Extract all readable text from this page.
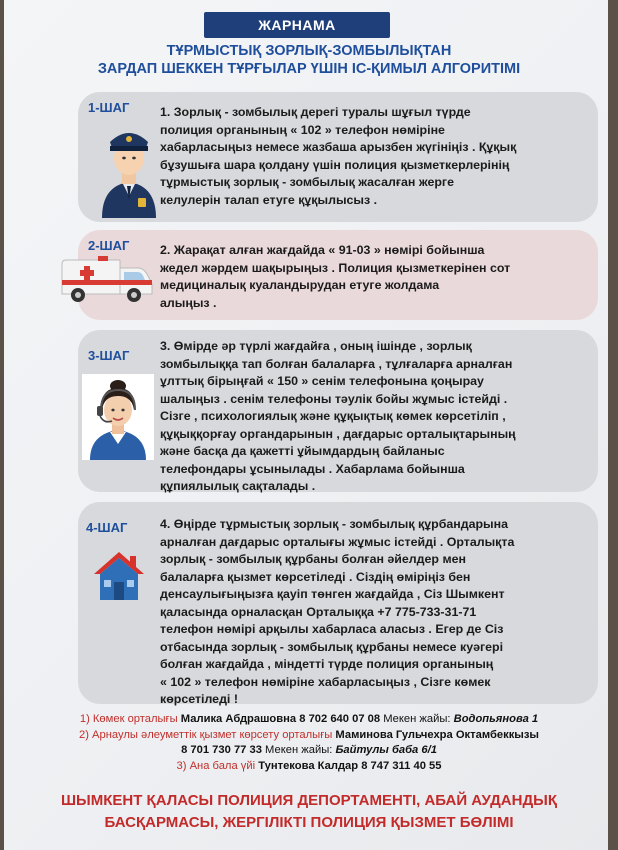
ЖАРНАМА
ТҰРМЫСТЫҚ ЗОРЛЫҚ-ЗОМБЫЛЫҚТАН
ЗАРДАП ШЕККЕН ТҰРҒЫЛАР ҮШІН ІС-ҚИМЫЛ АЛГОРИТІМІ
1-ШАГ 1. Зорлық - зомбылық дерегі туралы шұғыл түрде
полиция органының « 102 » телефон нөміріне
хабарласыңыз немесе жазбаша арызбен жүгініңіз . Құқық
бұзушыға шара қолдану үшін полиция қызметкерлерінің
тұрмыстық зорлық - зомбылық жасалған жерге
келулерін талап етуге құқылысыз .
2-ШАГ 2. Жарақат алған жағдайда « 91-03 » нөмірі бойынша
жедел жәрдем шақырыңыз . Полиция қызметкерінен сот
медициналық куаландырудан етуге жолдама
алыңыз .
3-ШАГ
3. Өмірде әр түрлі жағдайға , оның ішінде , зорлық
зомбылыққа тап болған балаларға , тұлғаларға арналған
ұлттық бірыңғай « 150 » сенім телефонына қоңырау
шалыңыз . сенім телефоны тәулік бойы жұмыс істейді .
Сізге , психологиялық және құқықтық көмек көрсетіліп ,
құқыққорғау органдарынын , дағдарыс орталықтарының
және басқа да қажетті ұйымдардың байланыс
телефондары ұсынылады . Хабарлама бойынша
құпиялылық сақталады .
4-ШАГ	4. Өңірде тұрмыстық зорлық - зомбылық құрбандарына
арналған дағдарыс орталығы жұмыс істейді . Орталықта
зорлық - зомбылық құрбаны болған әйелдер мен
балаларға қызмет көрсетіледі . Сіздің өміріңіз бен
денсаулығыңызға қауіп төнген жағдайда , Сіз Шымкент
қаласында орналасқан Орталыққа +7 775-733-31-71
телефон нөмірі арқылы хабарласа аласыз . Егер де Сіз
отбасында зорлық - зомбылық құрбаны немесе куәгері
болған жағдайда , міндетті түрде полиция органының
« 102 » телефон нөміріне хабарласыңыз , Сізге көмек
көрсетіледі !
1) Көмек орталығы Малика Абдрашовна 8 702 640 07 08 Мекен жайы: Водопьянова 1
2) Арнаулы әлеуметтік қызмет көрсету орталығы Маминова Гульчехра Октамбеккызы
8 701 730 77 33 Мекен жайы: Байтулы баба 6/1
3) Ана бала үйі Тунтекова Калдар 8 747 311 40 55
ШЫМКЕНТ ҚАЛАСЫ ПОЛИЦИЯ ДЕПОРТАМЕНТІ, АБАЙ АУДАНДЫҚ
БАСҚАРМАСЫ, ЖЕРГІЛІКТІ ПОЛИЦИЯ ҚЫЗМЕТ БӨЛІМІ
